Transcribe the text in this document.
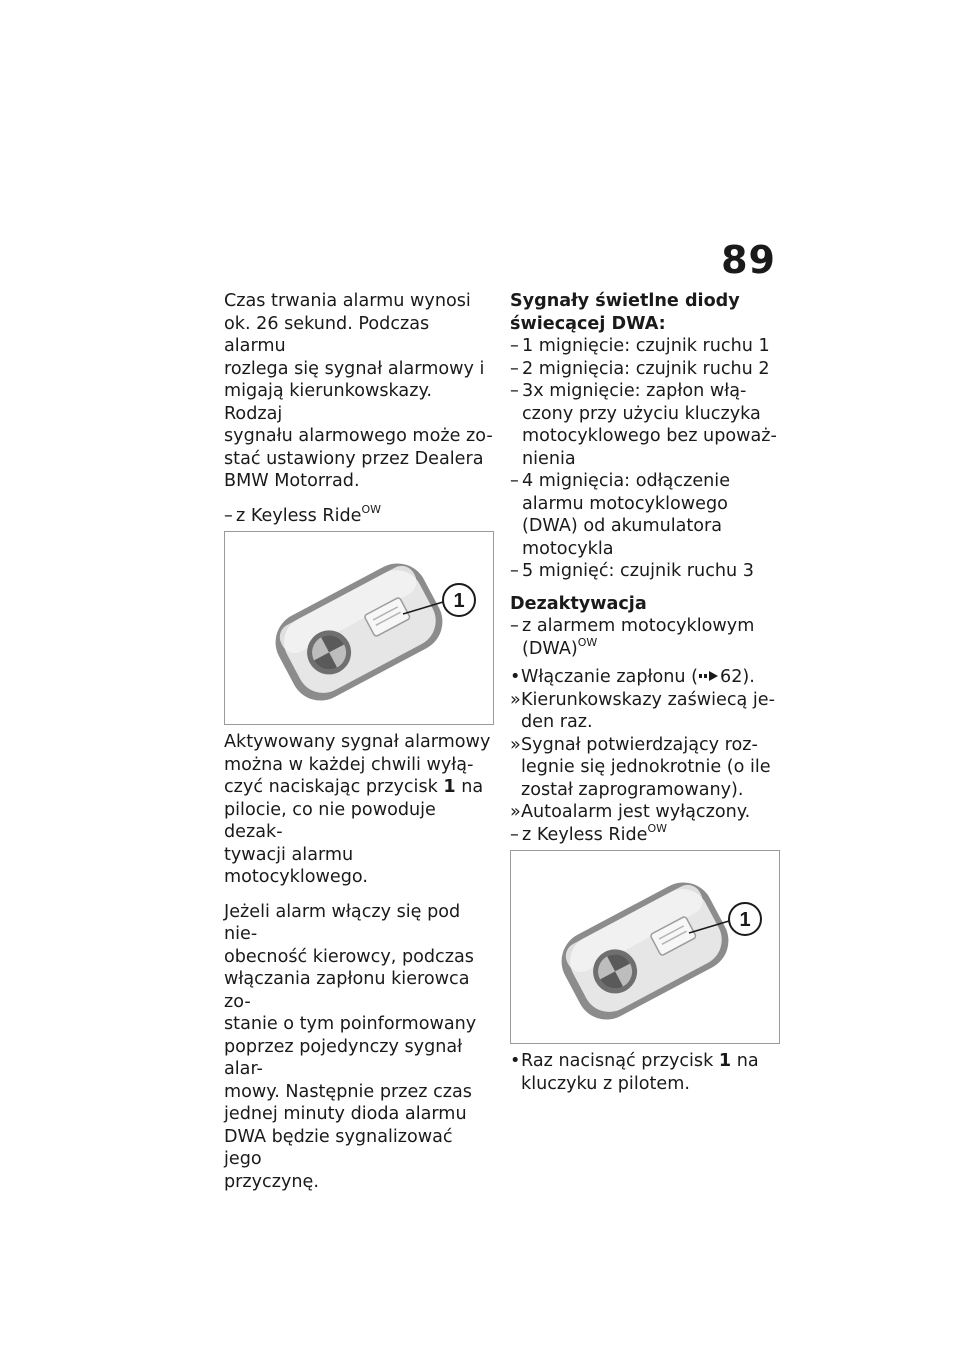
89

Czas trwania alarmu wynosi
ok. 26 sekund. Podczas alarmu
rozlega się sygnał alarmowy i
migają kierunkowskazy. Rodzaj
sygnału alarmowego może zo-
stać ustawiony przez Dealera
BMW Motorrad.

– z Keyless Ride$^{OW}$
1

Aktywowany sygnał alarmowy
można w każdej chwili wyłą-
czyć naciskając przycisk 1 na
pilocie, co nie powoduje dezak-
tywacji alarmu motocyklowego.

Jeżeli alarm włączy się pod nie-
obecność kierowcy, podczas
włączania zapłonu kierowca zo-
stanie o tym poinformowany
poprzez pojedynczy sygnał alar-
mowy. Następnie przez czas
jednej minuty dioda alarmu
DWA będzie sygnalizować jego
przyczynę.

Sygnały świetlne diody
świecącej DWA:
– 1 mignięcie: czujnik ruchu 1
– 2 mignięcia: czujnik ruchu 2
– 3x mignięcie: zapłon włą-
czony przy użyciu kluczyka
motocyklowego bez upoważ-
nienia
– 4 mignięcia: odłączenie
alarmu motocyklowego
(DWA) od akumulatora
motocykla
– 5 mignięć: czujnik ruchu 3
Dezaktywacja
– z alarmem motocyklowym
(DWA)$^{OW}$
• Włączanie zapłonu ( 62).
» Kierunkowskazy zaświecą je-
den raz.
» Sygnał potwierdzający roz-
legnie się jednokrotnie (o ile
został zaprogramowany).
» Autoalarm jest wyłączony.
– z Keyless Ride$^{OW}$
1
• Raz nacisnąć przycisk 1 na
kluczyku z pilotem.
